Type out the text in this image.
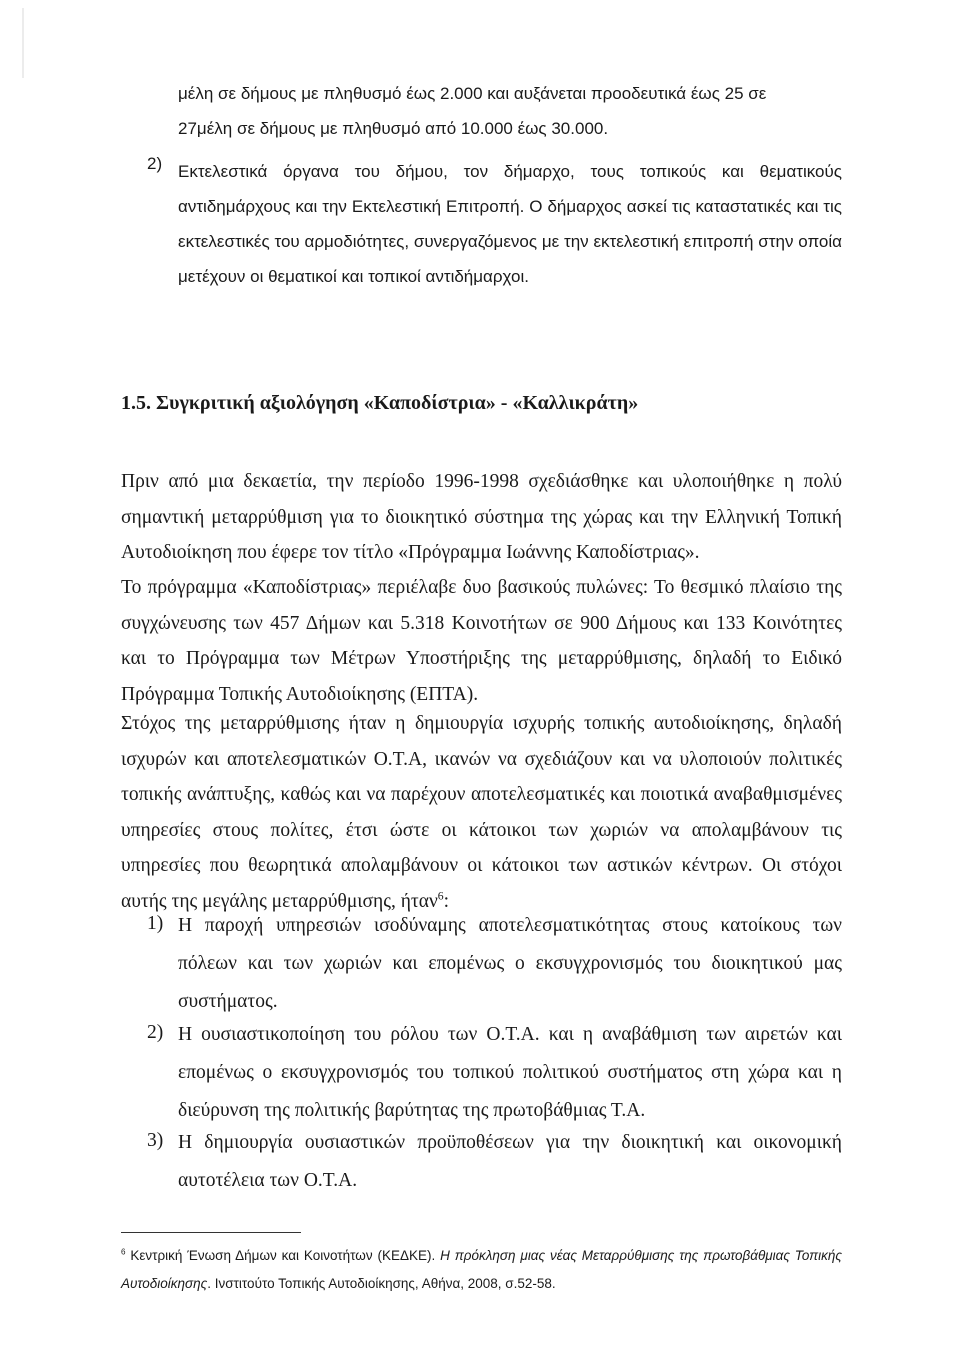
μέλη σε δήμους με πληθυσμό έως 2.000 και αυξάνεται προοδευτικά έως 25 σε
27μέλη σε δήμους με πληθυσμό από 10.000 έως 30.000.
2) Εκτελεστικά όργανα του δήμου, τον δήμαρχο, τους τοπικούς και θεματικούς αντιδημάρχους και την Εκτελεστική Επιτροπή. Ο δήμαρχος ασκεί τις καταστατικές και τις εκτελεστικές του αρμοδιότητες, συνεργαζόμενος με την εκτελεστική επιτροπή στην οποία μετέχουν οι θεματικοί και τοπικοί αντιδήμαρχοι.
1.5. Συγκριτική αξιολόγηση «Καποδίστρια» - «Καλλικράτη»
Πριν από μια δεκαετία, την περίοδο 1996-1998 σχεδιάσθηκε και υλοποιήθηκε η πολύ σημαντική μεταρρύθμιση για το διοικητικό σύστημα της χώρας και την Ελληνική Τοπική Αυτοδιοίκηση που έφερε τον τίτλο «Πρόγραμμα Ιωάννης Καποδίστριας».
Το πρόγραμμα «Καποδίστριας» περιέλαβε δυο βασικούς πυλώνες: Το θεσμικό πλαίσιο της συγχώνευσης των 457 Δήμων και 5.318 Κοινοτήτων σε 900 Δήμους και 133 Κοινότητες και το Πρόγραμμα των Μέτρων Υποστήριξης της μεταρρύθμισης, δηλαδή το Ειδικό Πρόγραμμα Τοπικής Αυτοδιοίκησης (ΕΠΤΑ).
Στόχος της μεταρρύθμισης ήταν η δημιουργία ισχυρής τοπικής αυτοδιοίκησης, δηλαδή ισχυρών και αποτελεσματικών Ο.Τ.Α, ικανών να σχεδιάζουν και να υλοποιούν πολιτικές τοπικής ανάπτυξης, καθώς και να παρέχουν αποτελεσματικές και ποιοτικά αναβαθμισμένες υπηρεσίες στους πολίτες, έτσι ώστε οι κάτοικοι των χωριών να απολαμβάνουν τις υπηρεσίες που θεωρητικά απολαμβάνουν οι κάτοικοι των αστικών κέντρων. Οι στόχοι αυτής της μεγάλης μεταρρύθμισης, ήταν$^6$:
1) Η παροχή υπηρεσιών ισοδύναμης αποτελεσματικότητας στους κατοίκους των πόλεων και των χωριών και επομένως ο εκσυγχρονισμός του διοικητικού μας συστήματος.
2) Η ουσιαστικοποίηση του ρόλου των Ο.Τ.Α. και η αναβάθμιση των αιρετών και επομένως ο εκσυγχρονισμός του τοπικού πολιτικού συστήματος στη χώρα και η διεύρυνση της πολιτικής βαρύτητας της πρωτοβάθμιας Τ.Α.
3) Η δημιουργία ουσιαστικών προϋποθέσεων για την διοικητική και οικονομική αυτοτέλεια των Ο.Τ.Α.
$^6$ Κεντρική Ένωση Δήμων και Κοινοτήτων (ΚΕΔΚΕ). Η πρόκληση μιας νέας Μεταρρύθμισης της πρωτοβάθμιας Τοπικής Αυτοδιοίκησης. Ινστιτούτο Τοπικής Αυτοδιοίκησης, Αθήνα, 2008, σ.52-58.
